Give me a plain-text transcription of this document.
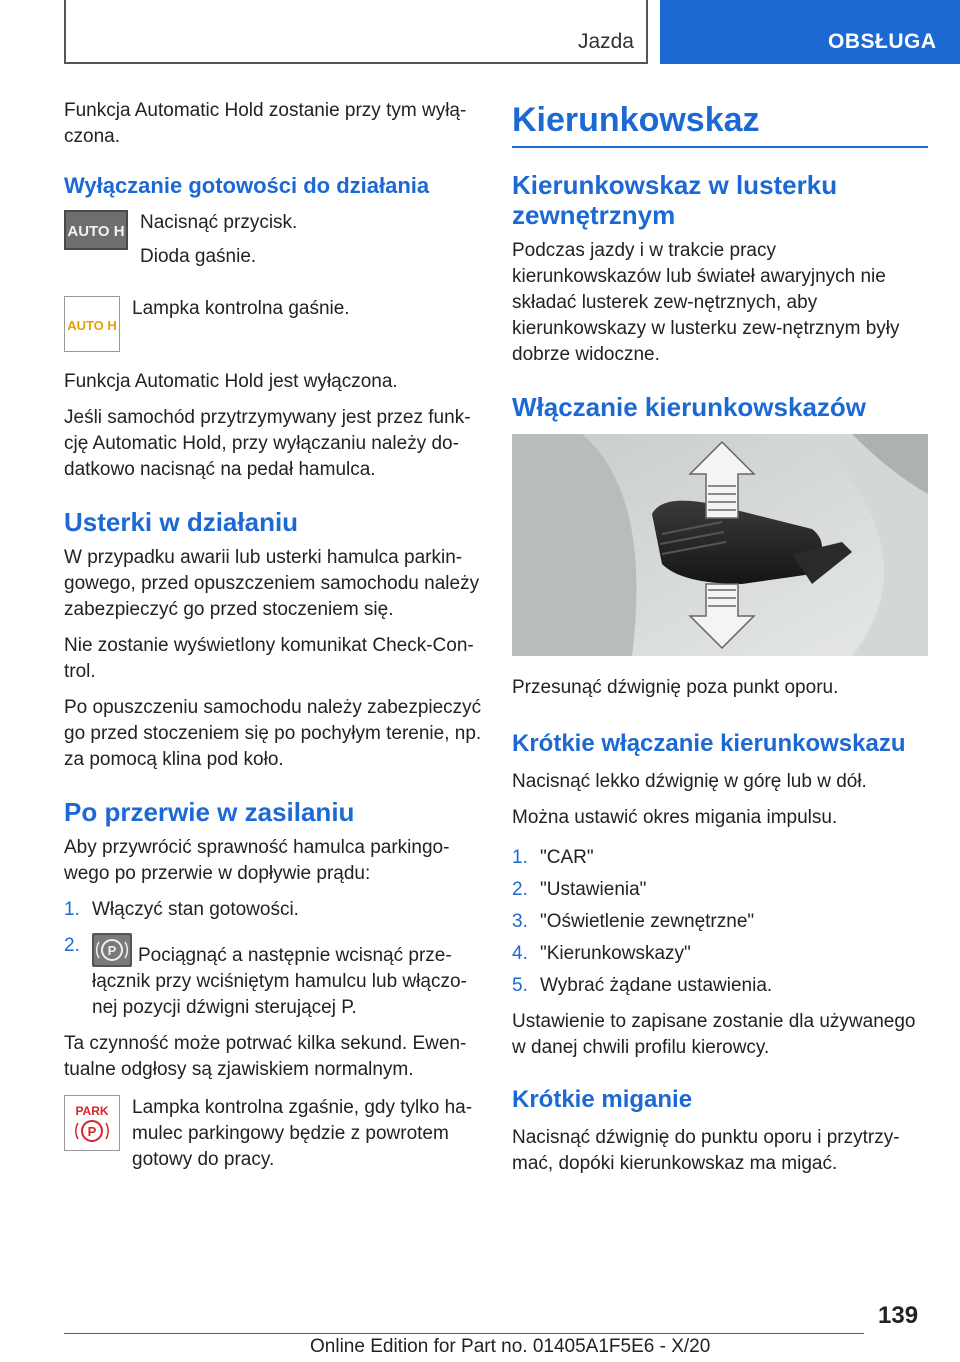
Jazda	OBSŁUGA

Funkcja Automatic Hold zostanie przy tym wyłą-czona.

Wyłączanie gotowości do działania
AUTO H Nacisnąć przycisk.

Dioda gaśnie.

AUTO H

Lampka kontrolna gaśnie.

Funkcja Automatic Hold jest wyłączona.

Jeśli samochód przytrzymywany jest przez funk-cję Automatic Hold, przy wyłączaniu należy do-datkowo nacisnąć na pedał hamulca.

Usterki w działaniu

W przypadku awarii lub usterki hamulca parkin-gowego, przed opuszczeniem samochodu należy zabezpieczyć go przed stoczeniem się.

Nie zostanie wyświetlony komunikat Check-Con-trol.

Po opuszczeniu samochodu należy zabezpieczyć go przed stoczeniem się po pochyłym terenie, np. za pomocą klina pod koło.

Po przerwie w zasilaniu

Aby przywrócić sprawność hamulca parkingo-wego po przerwie w dopływie prądu:

1. Włączyć stan gotowości.
2.	P Pociągnąć a następnie wcisnąć prze-łącznik przy wciśniętym hamulcu lub włączo-nej pozycji dźwigni sterującej P.

Ta czynność może potrwać kilka sekund. Ewen-tualne odgłosy są zjawiskiem normalnym.

PARK
P

Lampka kontrolna zgaśnie, gdy tylko ha-mulec parkingowy będzie z powrotem gotowy do pracy.

Kierunkowskaz
Kierunkowskaz w lusterku zewnętrznym

Podczas jazdy i w trakcie pracy kierunkowskazów lub świateł awaryjnych nie składać lusterek zew-nętrznych, aby kierunkowskazy w lusterku zew-nętrznym były dobrze widoczne.

Włączanie kierunkowskazów

Przesunąć dźwignię poza punkt oporu.

Krótkie włączanie kierunkowskazu

Nacisnąć lekko dźwignię w górę lub w dół.

Można ustawić okres migania impulsu.

1. "CAR"
2. "Ustawienia"
3. "Oświetlenie zewnętrzne"
4. "Kierunkowskazy"
5. Wybrać żądane ustawienia.

Ustawienie to zapisane zostanie dla używanego w danej chwili profilu kierowcy.

Krótkie miganie

Nacisnąć dźwignię do punktu oporu i przytrzy-mać, dopóki kierunkowskaz ma migać.

139
Online Edition for Part no. 01405A1F5E6 - X/20
